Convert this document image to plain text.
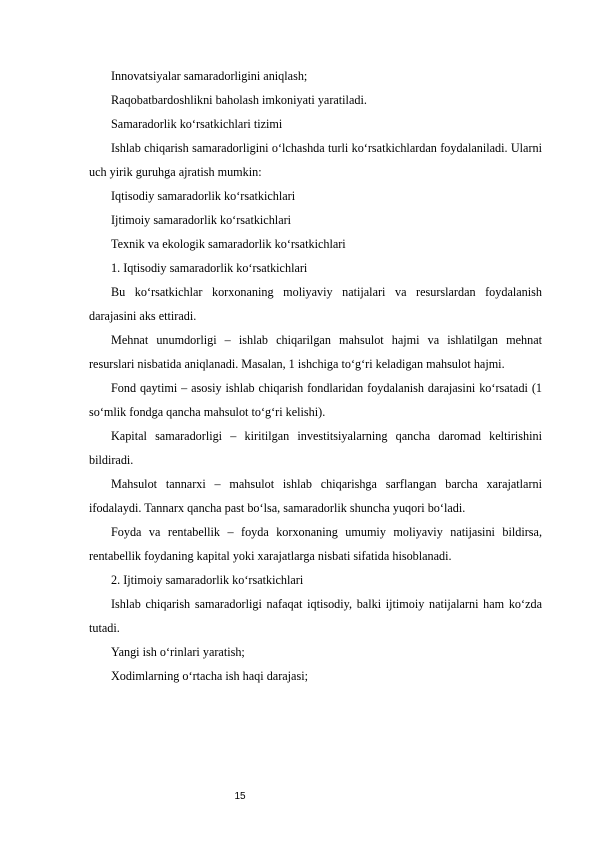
Innovatsiyalar samaradorligini aniqlash;

Raqobatbardoshlikni baholash imkoniyati yaratiladi.

Samaradorlik ko‘rsatkichlari tizimi

Ishlab chiqarish samaradorligini o‘lchashda turli ko‘rsatkichlardan foydalaniladi. Ularni uch yirik guruhga ajratish mumkin:

Iqtisodiy samaradorlik ko‘rsatkichlari

Ijtimoiy samaradorlik ko‘rsatkichlari

Texnik va ekologik samaradorlik ko‘rsatkichlari

1. Iqtisodiy samaradorlik ko‘rsatkichlari

Bu ko‘rsatkichlar korxonaning moliyaviy natijalari va resurslardan foydalanish darajasini aks ettiradi.

Mehnat unumdorligi – ishlab chiqarilgan mahsulot hajmi va ishlatilgan mehnat resurslari nisbatida aniqlanadi. Masalan, 1 ishchiga to‘g‘ri keladigan mahsulot hajmi.

Fond qaytimi – asosiy ishlab chiqarish fondlaridan foydalanish darajasini ko‘rsatadi (1 so‘mlik fondga qancha mahsulot to‘g‘ri kelishi).

Kapital samaradorligi – kiritilgan investitsiyalarning qancha daromad keltirishini bildiradi.

Mahsulot tannarxi – mahsulot ishlab chiqarishga sarflangan barcha xarajatlarni ifodalaydi. Tannarx qancha past bo‘lsa, samaradorlik shuncha yuqori bo‘ladi.

Foyda va rentabellik – foyda korxonaning umumiy moliyaviy natijasini bildirsa, rentabellik foydaning kapital yoki xarajatlarga nisbati sifatida hisoblanadi.

2. Ijtimoiy samaradorlik ko‘rsatkichlari

Ishlab chiqarish samaradorligi nafaqat iqtisodiy, balki ijtimoiy natijalarni ham ko‘zda tutadi.

Yangi ish o‘rinlari yaratish;

Xodimlarning o‘rtacha ish haqi darajasi;

15
